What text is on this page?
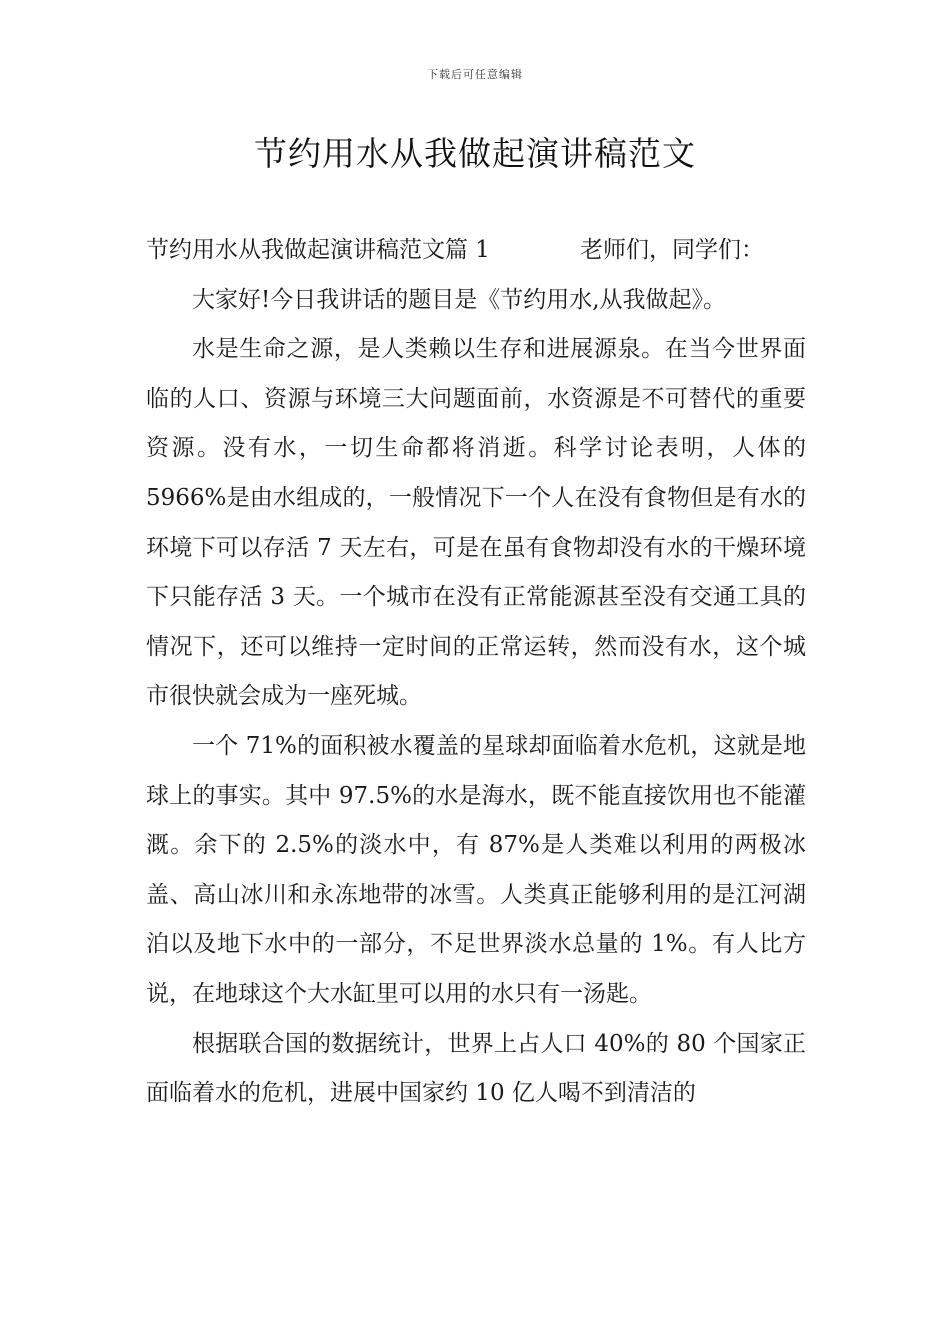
下载后可任意编辑
节约用水从我做起演讲稿范文
节约用水从我做起演讲稿范文篇 1	老师们，同学们：

大家好!今日我讲话的题目是《节约用水,从我做起》。

水是生命之源，是人类赖以生存和进展源泉。在当今世界面临的人口、资源与环境三大问题面前，水资源是不可替代的重要资源。没有水，一切生命都将消逝。科学讨论表明，人体的 5966%是由水组成的，一般情况下一个人在没有食物但是有水的环境下可以存活 7 天左右，可是在虽有食物却没有水的干燥环境下只能存活 3 天。一个城市在没有正常能源甚至没有交通工具的情况下，还可以维持一定时间的正常运转，然而没有水，这个城市很快就会成为一座死城。

一个 71%的面积被水覆盖的星球却面临着水危机，这就是地球上的事实。其中 97.5%的水是海水，既不能直接饮用也不能灌溉。余下的 2.5%的淡水中，有 87%是人类难以利用的两极冰盖、高山冰川和永冻地带的冰雪。人类真正能够利用的是江河湖泊以及地下水中的一部分，不足世界淡水总量的 1%。有人比方说，在地球这个大水缸里可以用的水只有一汤匙。

根据联合国的数据统计，世界上占人口 40%的 80 个国家正面临着水的危机，进展中国家约 10 亿人喝不到清洁的
